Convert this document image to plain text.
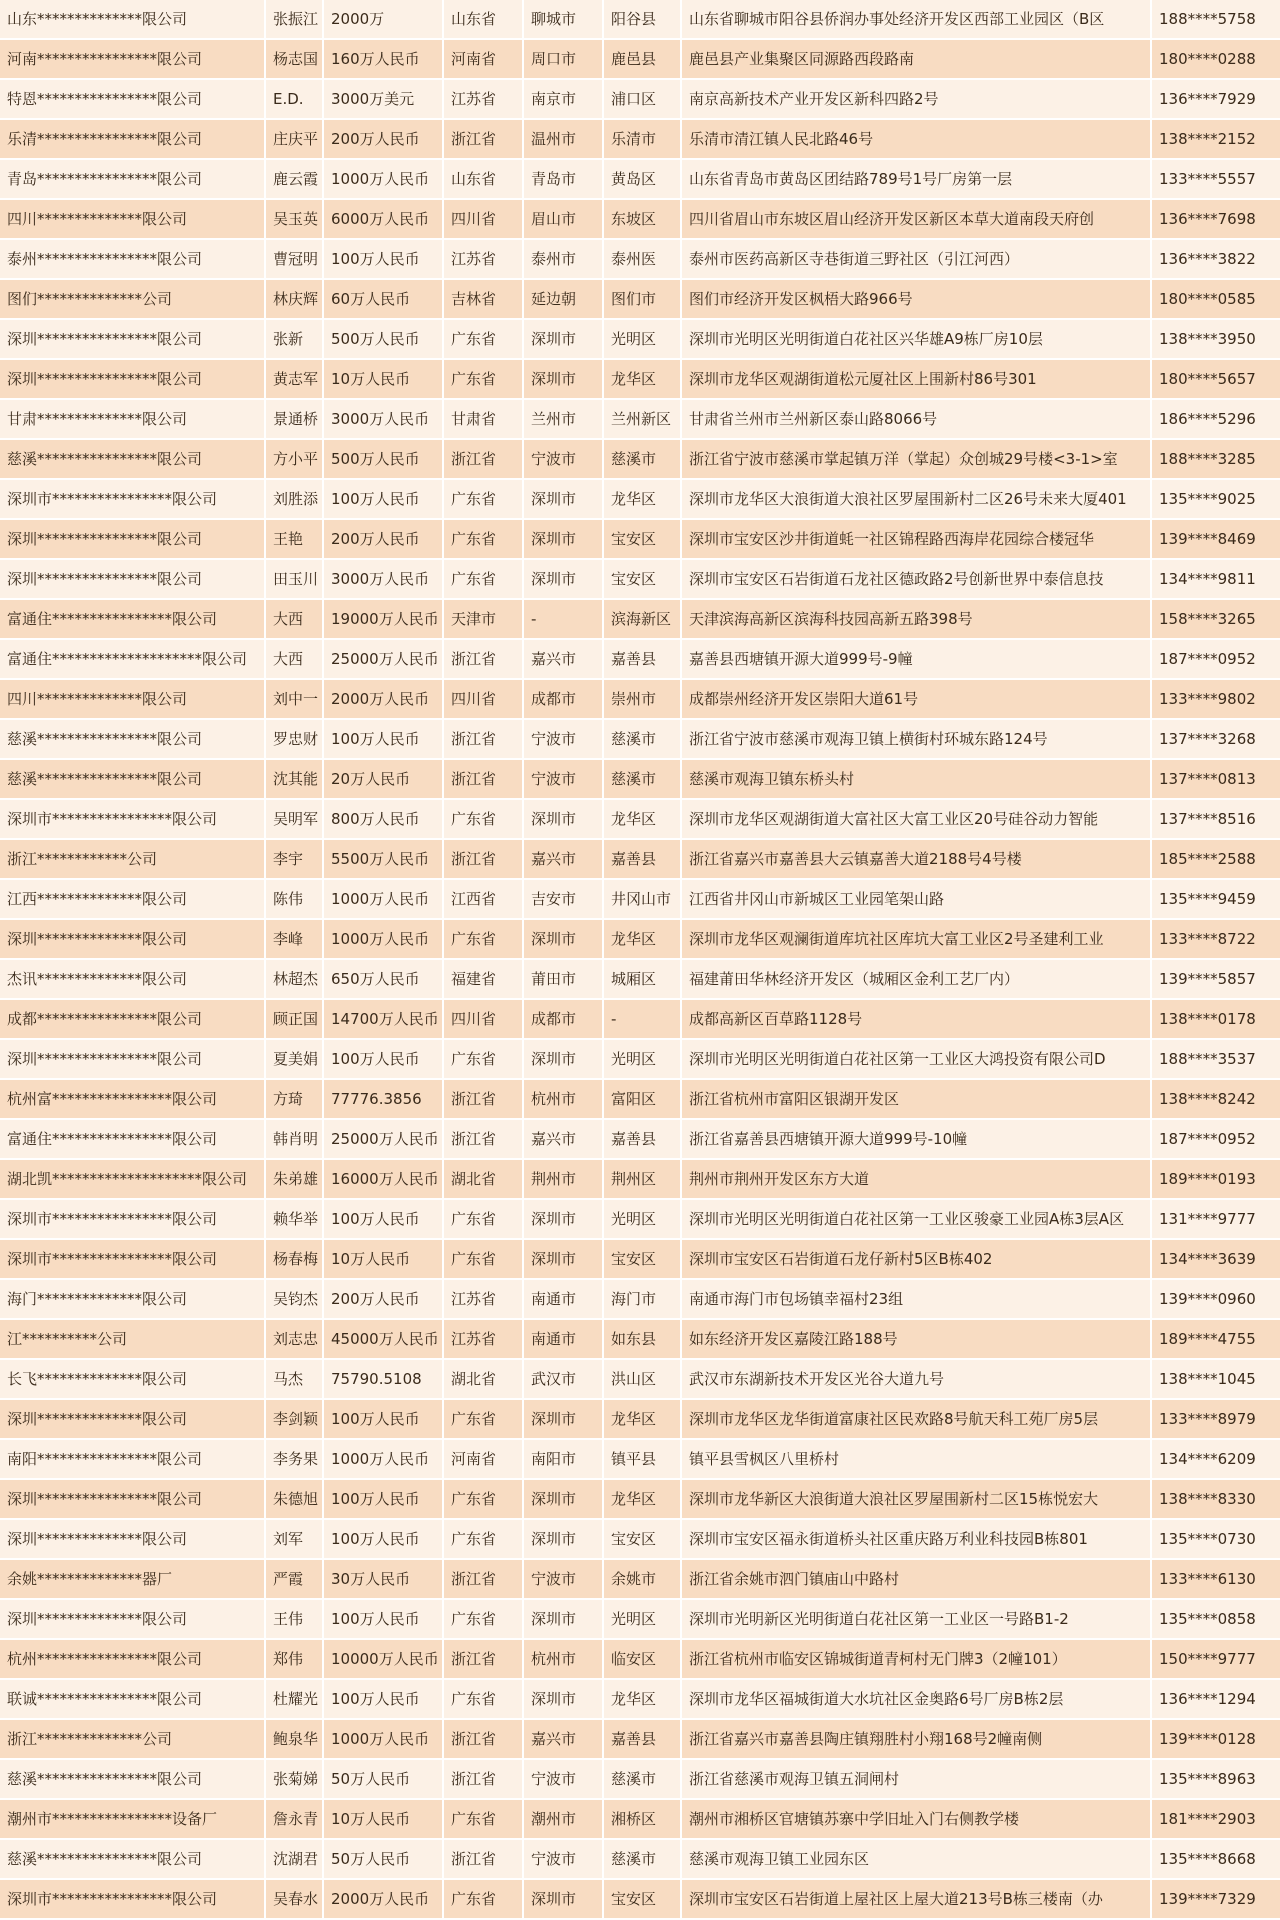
山东**************限公司	张振江	2000万	山东省	聊城市	阳谷县	山东省聊城市阳谷县侨润办事处经济开发区西部工业园区（B区	188****5758
河南****************限公司	杨志国	160万人民币	河南省	周口市	鹿邑县	鹿邑县产业集聚区同源路西段路南	180****0288
特恩****************限公司	E.D.	3000万美元	江苏省	南京市	浦口区	南京高新技术产业开发区新科四路2号	136****7929
乐清****************限公司	庄庆平	200万人民币	浙江省	温州市	乐清市	乐清市清江镇人民北路46号	138****2152
青岛****************限公司	鹿云霞	1000万人民币	山东省	青岛市	黄岛区	山东省青岛市黄岛区团结路789号1号厂房第一层	133****5557
四川**************限公司	吴玉英	6000万人民币	四川省	眉山市	东坡区	四川省眉山市东坡区眉山经济开发区新区本草大道南段天府创	136****7698
泰州****************限公司	曹冠明	100万人民币	江苏省	泰州市	泰州医	泰州市医药高新区寺巷街道三野社区（引江河西）	136****3822
图们**************公司	林庆辉	60万人民币	吉林省	延边朝	图们市	图们市经济开发区枫梧大路966号	180****0585
深圳****************限公司	张新	500万人民币	广东省	深圳市	光明区	深圳市光明区光明街道白花社区兴华雄A9栋厂房10层	138****3950
深圳****************限公司	黄志军	10万人民币	广东省	深圳市	龙华区	深圳市龙华区观湖街道松元厦社区上围新村86号301	180****5657
甘肃**************限公司	景通桥	3000万人民币	甘肃省	兰州市	兰州新区	甘肃省兰州市兰州新区泰山路8066号	186****5296
慈溪****************限公司	方小平	500万人民币	浙江省	宁波市	慈溪市	浙江省宁波市慈溪市掌起镇万洋（掌起）众创城29号楼<3-1>室	188****3285
深圳市****************限公司	刘胜添	100万人民币	广东省	深圳市	龙华区	深圳市龙华区大浪街道大浪社区罗屋围新村二区26号未来大厦401	135****9025
深圳****************限公司	王艳	200万人民币	广东省	深圳市	宝安区	深圳市宝安区沙井街道蚝一社区锦程路西海岸花园综合楼冠华	139****8469
深圳****************限公司	田玉川	3000万人民币	广东省	深圳市	宝安区	深圳市宝安区石岩街道石龙社区德政路2号创新世界中泰信息技	134****9811
富通住****************限公司	大西	19000万人民币	天津市	-	滨海新区	天津滨海高新区滨海科技园高新五路398号	158****3265
富通住********************限公司	大西	25000万人民币	浙江省	嘉兴市	嘉善县	嘉善县西塘镇开源大道999号-9幢	187****0952
四川**************限公司	刘中一	2000万人民币	四川省	成都市	崇州市	成都崇州经济开发区崇阳大道61号	133****9802
慈溪****************限公司	罗忠财	100万人民币	浙江省	宁波市	慈溪市	浙江省宁波市慈溪市观海卫镇上横街村环城东路124号	137****3268
慈溪****************限公司	沈其能	20万人民币	浙江省	宁波市	慈溪市	慈溪市观海卫镇东桥头村	137****0813
深圳市****************限公司	吴明军	800万人民币	广东省	深圳市	龙华区	深圳市龙华区观湖街道大富社区大富工业区20号硅谷动力智能	137****8516
浙江************公司	李宇	5500万人民币	浙江省	嘉兴市	嘉善县	浙江省嘉兴市嘉善县大云镇嘉善大道2188号4号楼	185****2588
江西**************限公司	陈伟	1000万人民币	江西省	吉安市	井冈山市	江西省井冈山市新城区工业园笔架山路	135****9459
深圳**************限公司	李峰	1000万人民币	广东省	深圳市	龙华区	深圳市龙华区观澜街道库坑社区库坑大富工业区2号圣建利工业	133****8722
杰讯**************限公司	林超杰	650万人民币	福建省	莆田市	城厢区	福建莆田华林经济开发区（城厢区金利工艺厂内）	139****5857
成都****************限公司	顾正国	14700万人民币	四川省	成都市	-	成都高新区百草路1128号	138****0178
深圳****************限公司	夏美娟	100万人民币	广东省	深圳市	光明区	深圳市光明区光明街道白花社区第一工业区大鸿投资有限公司D	188****3537
杭州富****************限公司	方琦	77776.3856	浙江省	杭州市	富阳区	浙江省杭州市富阳区银湖开发区	138****8242
富通住****************限公司	韩肖明	25000万人民币	浙江省	嘉兴市	嘉善县	浙江省嘉善县西塘镇开源大道999号-10幢	187****0952
湖北凯********************限公司	朱弟雄	16000万人民币	湖北省	荆州市	荆州区	荆州市荆州开发区东方大道	189****0193
深圳市****************限公司	赖华举	100万人民币	广东省	深圳市	光明区	深圳市光明区光明街道白花社区第一工业区骏豪工业园A栋3层A区	131****9777
深圳市****************限公司	杨春梅	10万人民币	广东省	深圳市	宝安区	深圳市宝安区石岩街道石龙仔新村5区B栋402	134****3639
海门**************限公司	吴钧杰	200万人民币	江苏省	南通市	海门市	南通市海门市包场镇幸福村23组	139****0960
江**********公司	刘志忠	45000万人民币	江苏省	南通市	如东县	如东经济开发区嘉陵江路188号	189****4755
长飞**************限公司	马杰	75790.5108	湖北省	武汉市	洪山区	武汉市东湖新技术开发区光谷大道九号	138****1045
深圳**************限公司	李剑颖	100万人民币	广东省	深圳市	龙华区	深圳市龙华区龙华街道富康社区民欢路8号航天科工苑厂房5层	133****8979
南阳****************限公司	李务果	1000万人民币	河南省	南阳市	镇平县	镇平县雪枫区八里桥村	134****6209
深圳****************限公司	朱德旭	100万人民币	广东省	深圳市	龙华区	深圳市龙华新区大浪街道大浪社区罗屋围新村二区15栋悦宏大	138****8330
深圳**************限公司	刘军	100万人民币	广东省	深圳市	宝安区	深圳市宝安区福永街道桥头社区重庆路万利业科技园B栋801	135****0730
余姚**************器厂	严霞	30万人民币	浙江省	宁波市	余姚市	浙江省余姚市泗门镇庙山中路村	133****6130
深圳**************限公司	王伟	100万人民币	广东省	深圳市	光明区	深圳市光明新区光明街道白花社区第一工业区一号路B1-2	135****0858
杭州****************限公司	郑伟	10000万人民币	浙江省	杭州市	临安区	浙江省杭州市临安区锦城街道青柯村无门牌3（2幢101）	150****9777
联诚****************限公司	杜耀光	100万人民币	广东省	深圳市	龙华区	深圳市龙华区福城街道大水坑社区金奥路6号厂房B栋2层	136****1294
浙江**************公司	鲍泉华	1000万人民币	浙江省	嘉兴市	嘉善县	浙江省嘉兴市嘉善县陶庄镇翔胜村小翔168号2幢南侧	139****0128
慈溪****************限公司	张菊娣	50万人民币	浙江省	宁波市	慈溪市	浙江省慈溪市观海卫镇五洞闸村	135****8963
潮州市****************设备厂	詹永青	10万人民币	广东省	潮州市	湘桥区	潮州市湘桥区官塘镇苏寨中学旧址入门右侧教学楼	181****2903
慈溪****************限公司	沈湖君	50万人民币	浙江省	宁波市	慈溪市	慈溪市观海卫镇工业园东区	135****8668
深圳市****************限公司	吴春水	2000万人民币	广东省	深圳市	宝安区	深圳市宝安区石岩街道上屋社区上屋大道213号B栋三楼南（办	139****7329
